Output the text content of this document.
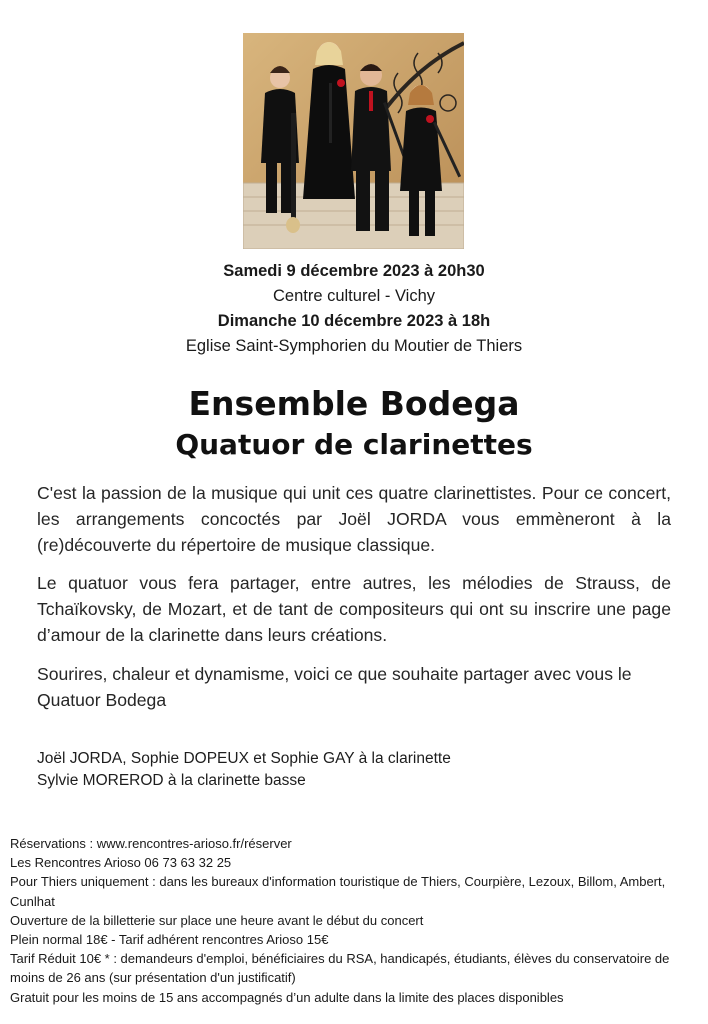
Samedi 9 décembre 2023 à 20h30
Centre culturel - Vichy
Dimanche 10 décembre 2023 à 18h
Eglise Saint-Symphorien du Moutier de Thiers
Ensemble Bodega
Quatuor de clarinettes

C'est la passion de la musique qui unit ces quatre clarinettistes. Pour ce concert, les arrangements concoctés par Joël JORDA vous emmèneront à la (re)découverte du répertoire de musique classique.

Le quatuor vous fera partager, entre autres, les mélodies de Strauss, de Tchaïkovsky, de Mozart, et de tant de compositeurs qui ont su inscrire une page d’amour de la clarinette dans leurs créations.

Sourires, chaleur et dynamisme, voici ce que souhaite partager avec vous le Quatuor Bodega

Joël JORDA, Sophie DOPEUX et Sophie GAY à la clarinette
Sylvie MOREROD à la clarinette basse
Réservations : www.rencontres-arioso.fr/réserver
Les Rencontres Arioso 06 73 63 32 25
Pour Thiers uniquement : dans les bureaux d'information touristique de Thiers, Courpière, Lezoux, Billom, Ambert, Cunlhat
Ouverture de la billetterie sur place une heure avant le début du concert
Plein normal 18€ - Tarif adhérent rencontres Arioso 15€
Tarif Réduit 10€ * : demandeurs d'emploi, bénéficiaires du RSA, handicapés, étudiants, élèves du conservatoire de moins de 26 ans (sur présentation d'un justificatif)
Gratuit pour les moins de 15 ans accompagnés d’un adulte dans la limite des places disponibles
